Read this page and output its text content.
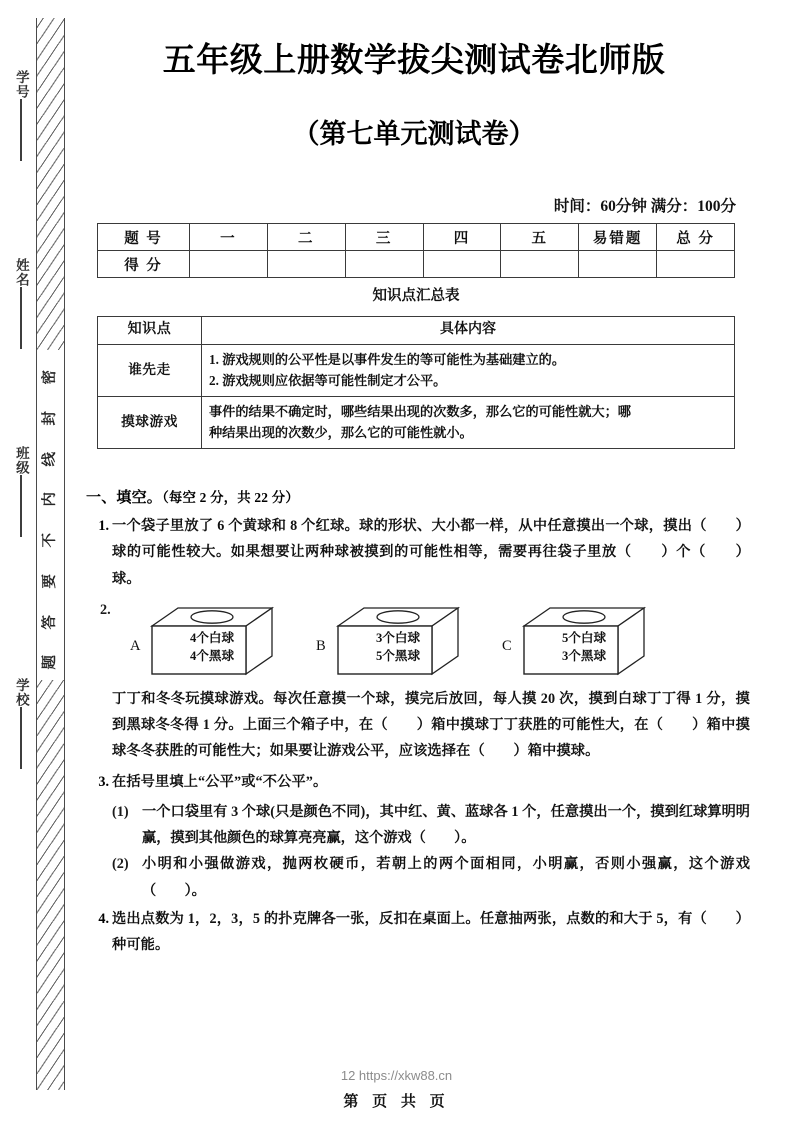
学号
姓名
班级
学校
密
封
线
内
不
要
答
题
五年级上册数学拔尖测试卷北师版
（第七单元测试卷）
时间：60分钟 满分：100分
题 号	一	二	三	四	五	易错题	总 分
得 分							
知识点汇总表
知识点	具体内容
谁先走	1. 游戏规则的公平性是以事件发生的等可能性为基础建立的。
2. 游戏规则应依据等可能性制定才公平。

摸球游戏	事件的结果不确定时，哪些结果出现的次数多，那么它的可能性就大；哪
种结果出现的次数少，那么它的可能性就小。
一、填空。（每空 2 分，共 22 分）
1. 一个袋子里放了 6 个黄球和 8 个红球。球的形状、大小都一样，从中任意摸出一个球，摸出（　　）球的可能性较大。如果想要让两种球被摸到的可能性相等，需要再往袋子里放（　　）个（　　）球。
2.
A	4个白球
4个黑球
B	3个白球
5个黑球
C	5个白球
3个黑球
丁丁和冬冬玩摸球游戏。每次任意摸一个球，摸完后放回，每人摸 20 次，摸到白球丁丁得 1 分，摸到黑球冬冬得 1 分。上面三个箱子中，在（　　）箱中摸球丁丁获胜的可能性大，在（　　）箱中摸球冬冬获胜的可能性大；如果要让游戏公平，应该选择在（　　）箱中摸球。
3. 在括号里填上“公平”或“不公平”。
(1) 一个口袋里有 3 个球(只是颜色不同)，其中红、黄、蓝球各 1 个，任意摸出一个，摸到红球算明明赢，摸到其他颜色的球算亮亮赢，这个游戏（　　）。
(2) 小明和小强做游戏，抛两枚硬币，若朝上的两个面相同，小明赢，否则小强赢，这个游戏（　　）。
4. 选出点数为 1，2，3，5 的扑克牌各一张，反扣在桌面上。任意抽两张，点数的和大于 5，有（　　）种可能。
12 https://xkw88.cn
第 页 共 页
